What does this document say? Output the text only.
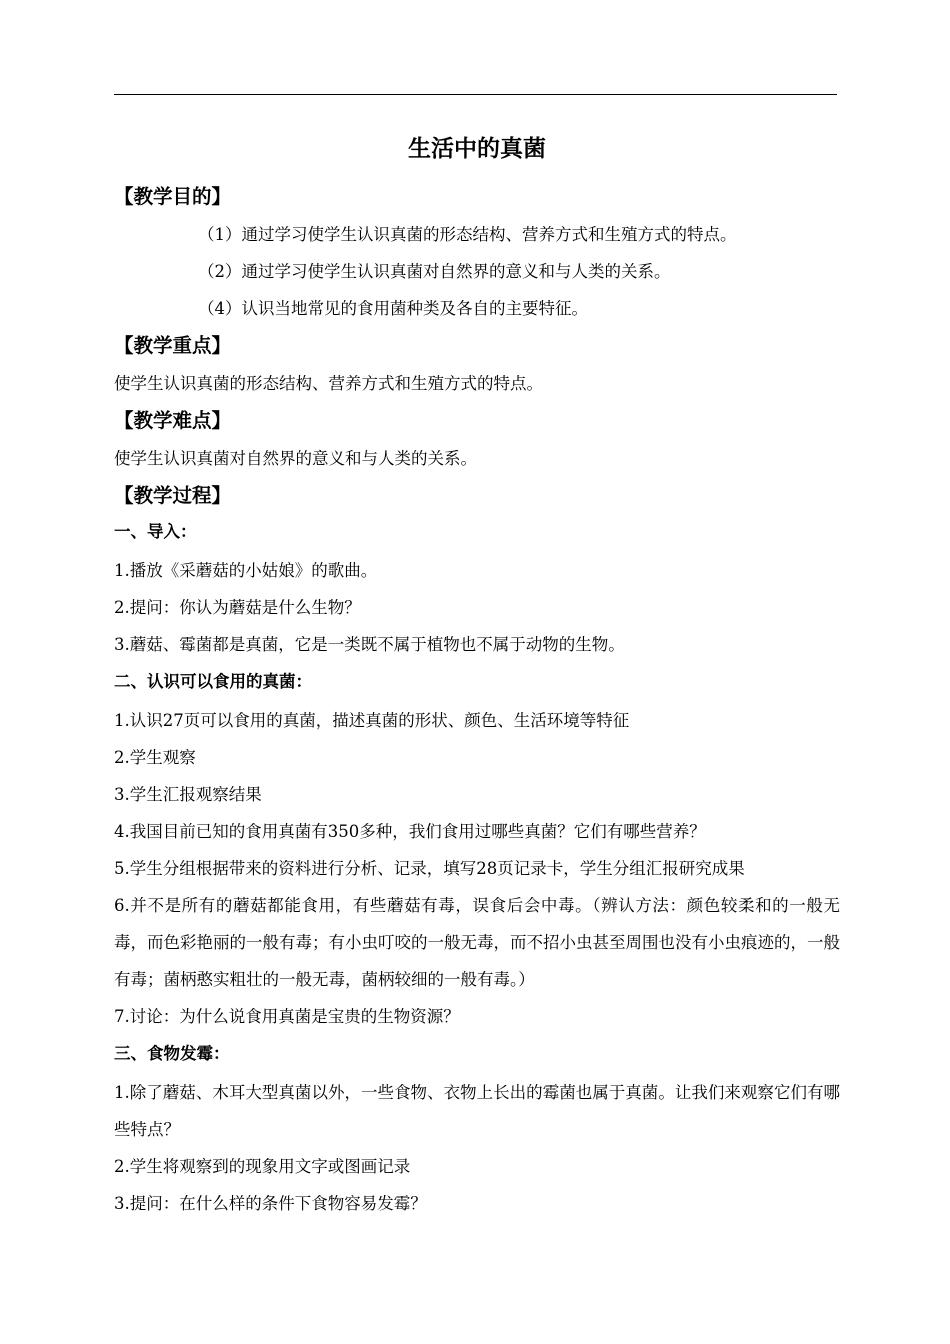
生活中的真菌
【教学目的】

（1）通过学习使学生认识真菌的形态结构、营养方式和生殖方式的特点。

（2）通过学习使学生认识真菌对自然界的意义和与人类的关系。

（4）认识当地常见的食用菌种类及各自的主要特征。

【教学重点】

使学生认识真菌的形态结构、营养方式和生殖方式的特点。

【教学难点】

使学生认识真菌对自然界的意义和与人类的关系。

【教学过程】
一、导入：

1.播放《采蘑菇的小姑娘》的歌曲。

2.提问：你认为蘑菇是什么生物？

3.蘑菇、霉菌都是真菌，它是一类既不属于植物也不属于动物的生物。

二、认识可以食用的真菌：

1.认识27页可以食用的真菌，描述真菌的形状、颜色、生活环境等特征

2.学生观察

3.学生汇报观察结果

4.我国目前已知的食用真菌有350多种，我们食用过哪些真菌？它们有哪些营养？

5.学生分组根据带来的资料进行分析、记录，填写28页记录卡，学生分组汇报研究成果

6.并不是所有的蘑菇都能食用，有些蘑菇有毒，误食后会中毒。（辨认方法：颜色较柔和的一般无毒，而色彩艳丽的一般有毒；有小虫叮咬的一般无毒，而不招小虫甚至周围也没有小虫痕迹的，一般有毒；菌柄憨实粗壮的一般无毒，菌柄较细的一般有毒。）

7.讨论：为什么说食用真菌是宝贵的生物资源？

三、食物发霉：

1.除了蘑菇、木耳大型真菌以外，一些食物、衣物上长出的霉菌也属于真菌。让我们来观察它们有哪些特点？

2.学生将观察到的现象用文字或图画记录

3.提问：在什么样的条件下食物容易发霉？
